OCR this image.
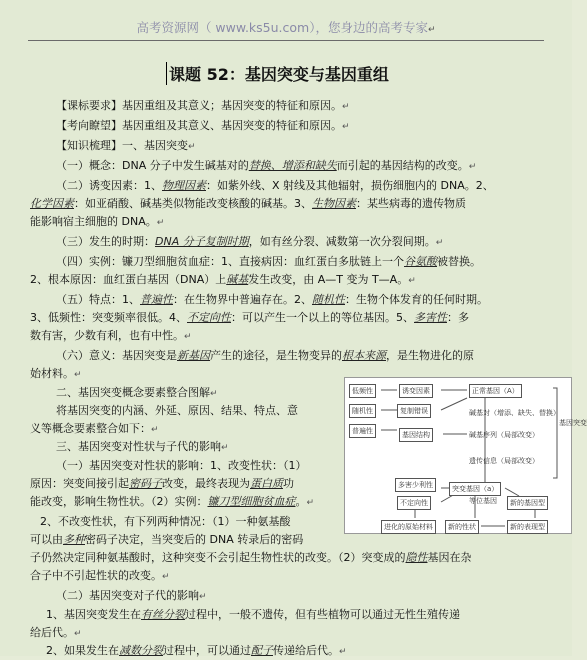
高考资源网（ www.ks5u.com），您身边的高考专家↵
课题 52：基因突变与基因重组
【课标要求】基因重组及其意义；基因突变的特征和原因。↵
【考向瞭望】基因重组及其意义、基因突变的特征和原因。↵
【知识梳理】一、基因突变↵
（一）概念：DNA 分子中发生碱基对的替换、增添和缺失而引起的基因结构的改变。↵
（二）诱变因素：1、物理因素：如紫外线、X 射线及其他辐射，损伤细胞内的 DNA。2、
化学因素：如亚硝酸、碱基类似物能改变核酸的碱基。3、生物因素：某些病毒的遗传物质
能影响宿主细胞的 DNA。↵
（三）发生的时期：DNA 分子复制时期，如有丝分裂、减数第一次分裂间期。↵
（四）实例：镰刀型细胞贫血症：1、直接病因：血红蛋白多肽链上一个谷氨酸被替换。
2、根本原因：血红蛋白基因（DNA）上碱基发生改变，由 A—T 变为 T—A。↵
（五）特点：1、普遍性：在生物界中普遍存在。2、随机性：生物个体发育的任何时期。
3、低频性：突变频率很低。4、不定向性：可以产生一个以上的等位基因。5、多害性：多
数有害，少数有利，也有中性。↵
（六）意义：基因突变是新基因产生的途径，是生物变异的根本来源，是生物进化的原
始材料。↵
二、基因突变概念要素整合图解↵
将基因突变的内涵、外延、原因、结果、特点、意
义等概念要素整合如下：↵
三、基因突变对性状与子代的影响↵
（一）基因突变对性状的影响：1、改变性状：（1）
原因：突变间接引起密码子改变，最终表现为蛋白质功
能改变，影响生物性状。（2）实例：镰刀型细胞贫血症。↵
2、不改变性状，有下列两种情况：（1）一种氨基酸
可以由多种密码子决定，当突变后的 DNA 转录后的密码
子仍然决定同种氨基酸时，这种突变不会引起生物性状的改变。（2）突变成的隐性基因在杂
合子中不引起性状的改变。↵
（二）基因突变对子代的影响↵
1、基因突变发生在有丝分裂过程中，一般不遗传，但有些植物可以通过无性生殖传递
给后代。↵
2、如果发生在减数分裂过程中，可以通过配子传递给后代。↵
低频性
随机性
普遍性
诱变因素
复制错误
基因结构
正常基因（A）
多害少利性
不定向性
突变基因（a）
进化的原始材料	新的性状
新的基因型
新的表现型
碱基对（增添、缺失、替换）
碱基序列（局部改变）
遗传信息（局部改变）
等位基因
基因突变
